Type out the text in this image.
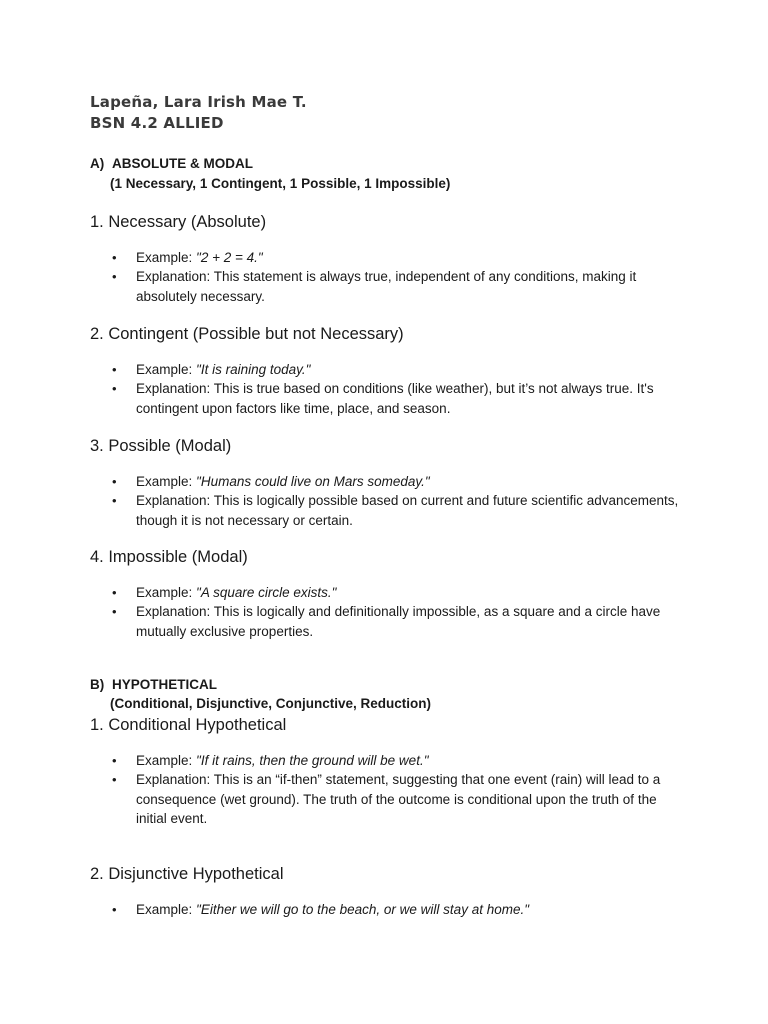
Lapeña, Lara Irish Mae T.
BSN 4.2 ALLIED
A) ABSOLUTE & MODAL
(1 Necessary, 1 Contingent, 1 Possible, 1 Impossible)
1. Necessary (Absolute)
• Example: "2 + 2 = 4."
• Explanation: This statement is always true, independent of any conditions, making it absolutely necessary.
2. Contingent (Possible but not Necessary)
• Example: "It is raining today."
• Explanation: This is true based on conditions (like weather), but it’s not always true. It's contingent upon factors like time, place, and season.
3. Possible (Modal)
• Example: "Humans could live on Mars someday."
• Explanation: This is logically possible based on current and future scientific advancements, though it is not necessary or certain.
4. Impossible (Modal)
• Example: "A square circle exists."
• Explanation: This is logically and definitionally impossible, as a square and a circle have mutually exclusive properties.
B) HYPOTHETICAL
(Conditional, Disjunctive, Conjunctive, Reduction)
1. Conditional Hypothetical
• Example: "If it rains, then the ground will be wet."
• Explanation: This is an “if-then” statement, suggesting that one event (rain) will lead to a consequence (wet ground). The truth of the outcome is conditional upon the truth of the initial event.
2. Disjunctive Hypothetical
• Example: "Either we will go to the beach, or we will stay at home."
